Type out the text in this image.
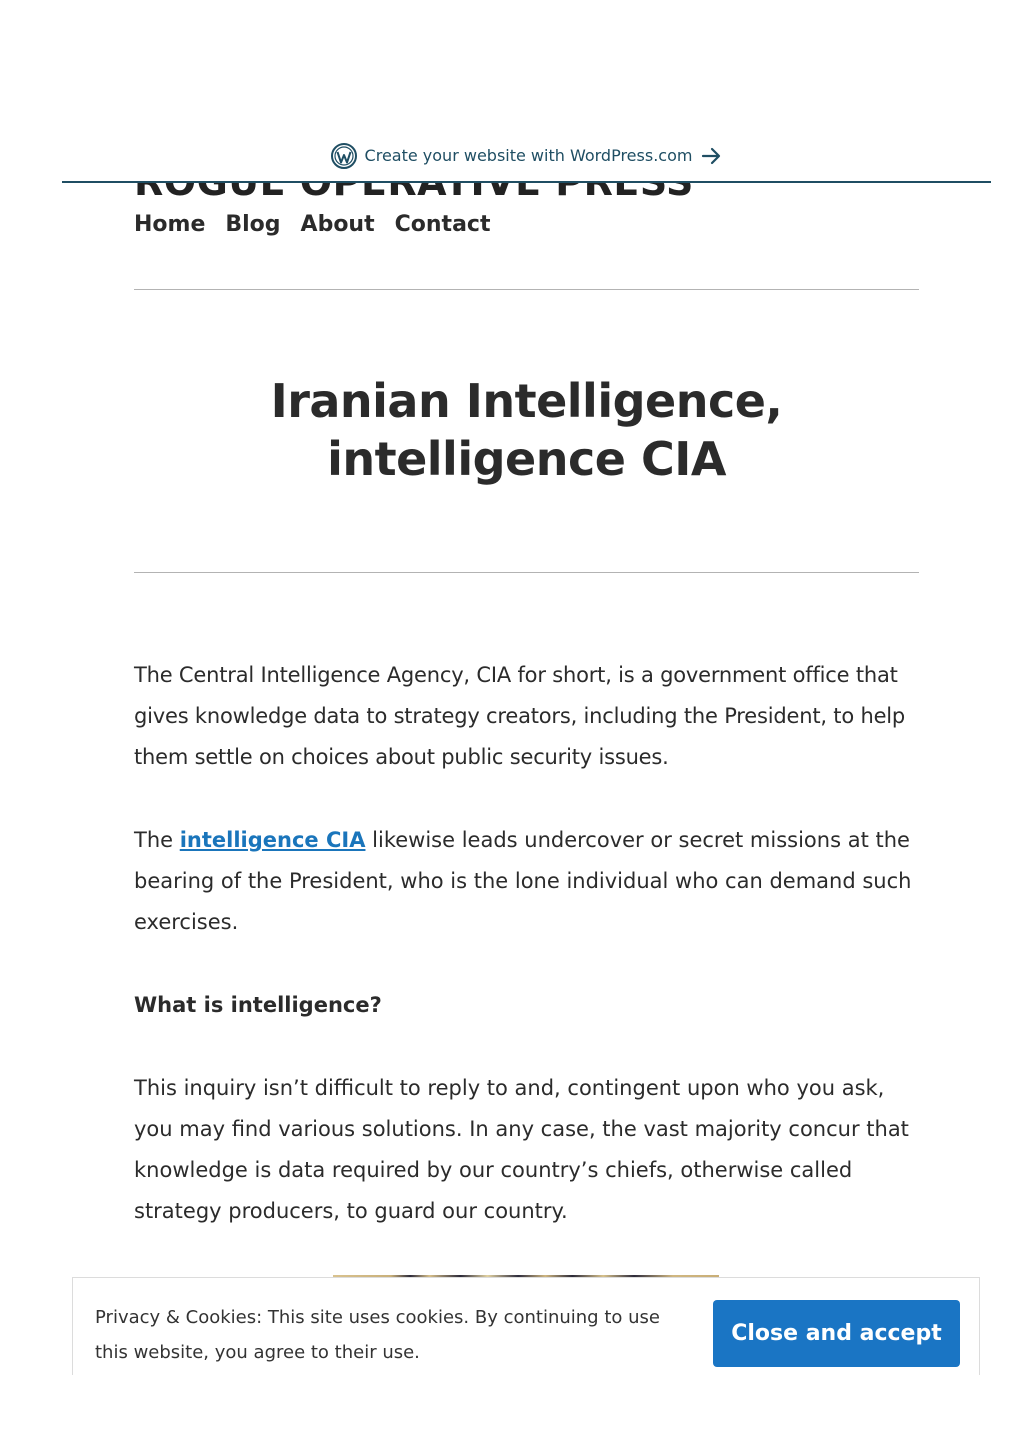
Create your website with WordPress.com
Home Blog About Contact
Iranian Intelligence,
intelligence CIA

The Central Intelligence Agency, CIA for short, is a government office that gives knowledge data to strategy creators, including the President, to help them settle on choices about public security issues.

The intelligence CIA likewise leads undercover or secret missions at the bearing of the President, who is the lone individual who can demand such exercises.

What is intelligence?

This inquiry isn’t difficult to reply to and, contingent upon who you ask, you may find various solutions. In any case, the vast majority concur that knowledge is data required by our country’s chiefs, otherwise called strategy producers, to guard our country.

Privacy & Cookies: This site uses cookies. By continuing to use this website, you agree to their use.
Close and accept
